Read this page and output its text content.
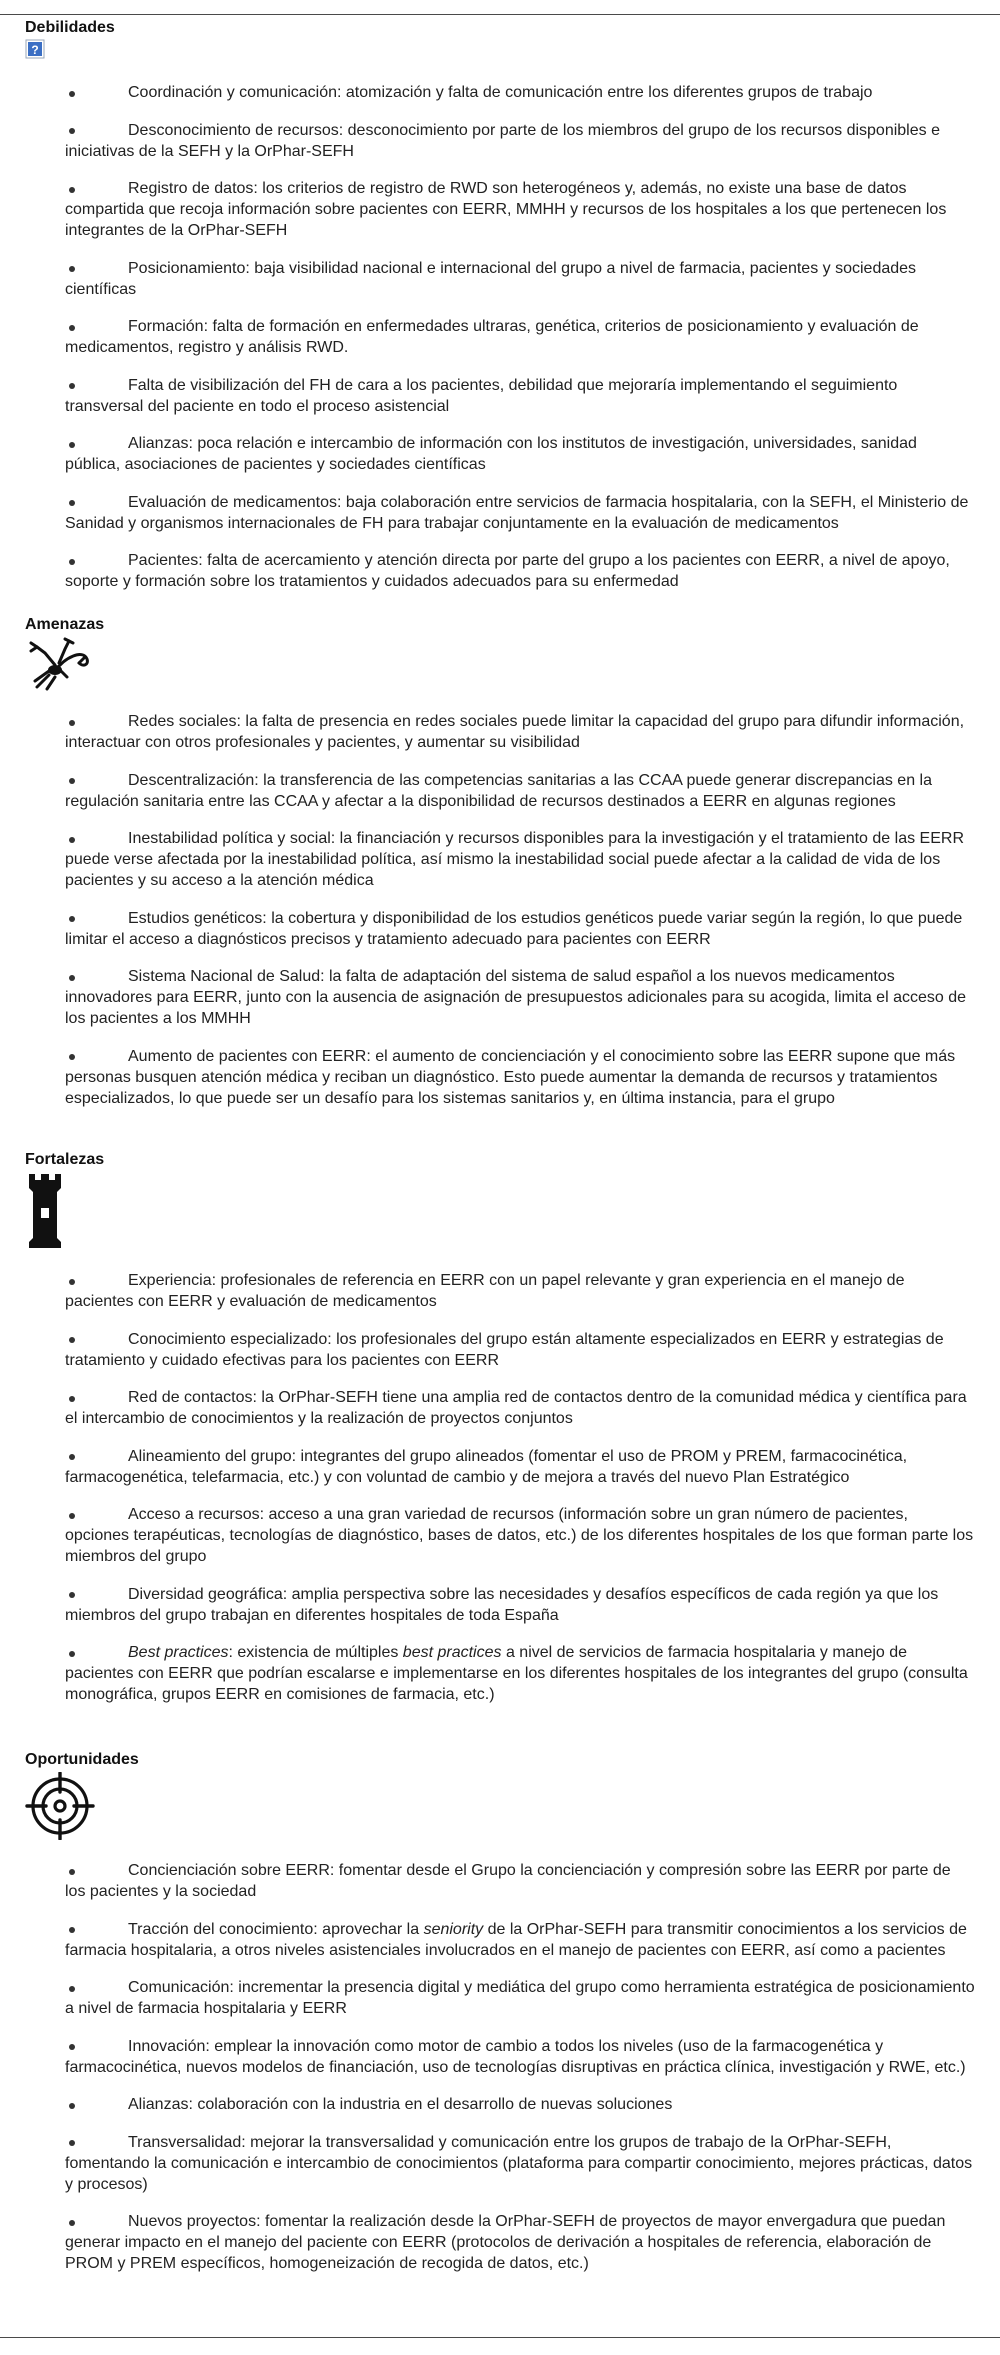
Debilidades
?
Coordinación y comunicación: atomización y falta de comunicación entre los diferentes grupos de trabajo
Desconocimiento de recursos: desconocimiento por parte de los miembros del grupo de los recursos disponibles e iniciativas de la SEFH y la OrPhar-SEFH
Registro de datos: los criterios de registro de RWD son heterogéneos y, además, no existe una base de datos compartida que recoja información sobre pacientes con EERR, MMHH y recursos de los hospitales a los que pertenecen los integrantes de la OrPhar-SEFH
Posicionamiento: baja visibilidad nacional e internacional del grupo a nivel de farmacia, pacientes y sociedades científicas
Formación: falta de formación en enfermedades ultraras, genética, criterios de posicionamiento y evaluación de medicamentos, registro y análisis RWD.
Falta de visibilización del FH de cara a los pacientes, debilidad que mejoraría implementando el seguimiento transversal del paciente en todo el proceso asistencial
Alianzas: poca relación e intercambio de información con los institutos de investigación, universidades, sanidad pública, asociaciones de pacientes y sociedades científicas
Evaluación de medicamentos: baja colaboración entre servicios de farmacia hospitalaria, con la SEFH, el Ministerio de Sanidad y organismos internacionales de FH para trabajar conjuntamente en la evaluación de medicamentos
Pacientes: falta de acercamiento y atención directa por parte del grupo a los pacientes con EERR, a nivel de apoyo, soporte y formación sobre los tratamientos y cuidados adecuados para su enfermedad
Amenazas
Redes sociales: la falta de presencia en redes sociales puede limitar la capacidad del grupo para difundir información, interactuar con otros profesionales y pacientes, y aumentar su visibilidad
Descentralización: la transferencia de las competencias sanitarias a las CCAA puede generar discrepancias en la regulación sanitaria entre las CCAA y afectar a la disponibilidad de recursos destinados a EERR en algunas regiones
Inestabilidad política y social: la financiación y recursos disponibles para la investigación y el tratamiento de las EERR puede verse afectada por la inestabilidad política, así mismo la inestabilidad social puede afectar a la calidad de vida de los pacientes y su acceso a la atención médica
Estudios genéticos: la cobertura y disponibilidad de los estudios genéticos puede variar según la región, lo que puede limitar el acceso a diagnósticos precisos y tratamiento adecuado para pacientes con EERR
Sistema Nacional de Salud: la falta de adaptación del sistema de salud español a los nuevos medicamentos innovadores para EERR, junto con la ausencia de asignación de presupuestos adicionales para su acogida, limita el acceso de los pacientes a los MMHH
Aumento de pacientes con EERR: el aumento de concienciación y el conocimiento sobre las EERR supone que más personas busquen atención médica y reciban un diagnóstico. Esto puede aumentar la demanda de recursos y tratamientos especializados, lo que puede ser un desafío para los sistemas sanitarios y, en última instancia, para el grupo
Fortalezas
Experiencia: profesionales de referencia en EERR con un papel relevante y gran experiencia en el manejo de pacientes con EERR y evaluación de medicamentos
Conocimiento especializado: los profesionales del grupo están altamente especializados en EERR y estrategias de tratamiento y cuidado efectivas para los pacientes con EERR
Red de contactos: la OrPhar-SEFH tiene una amplia red de contactos dentro de la comunidad médica y científica para el intercambio de conocimientos y la realización de proyectos conjuntos
Alineamiento del grupo: integrantes del grupo alineados (fomentar el uso de PROM y PREM, farmacocinética, farmacogenética, telefarmacia, etc.) y con voluntad de cambio y de mejora a través del nuevo Plan Estratégico
Acceso a recursos: acceso a una gran variedad de recursos (información sobre un gran número de pacientes, opciones terapéuticas, tecnologías de diagnóstico, bases de datos, etc.) de los diferentes hospitales de los que forman parte los miembros del grupo
Diversidad geográfica: amplia perspectiva sobre las necesidades y desafíos específicos de cada región ya que los miembros del grupo trabajan en diferentes hospitales de toda España
Best practices: existencia de múltiples best practices a nivel de servicios de farmacia hospitalaria y manejo de pacientes con EERR que podrían escalarse e implementarse en los diferentes hospitales de los integrantes del grupo (consulta monográfica, grupos EERR en comisiones de farmacia, etc.)
Oportunidades
Concienciación sobre EERR: fomentar desde el Grupo la concienciación y compresión sobre las EERR por parte de los pacientes y la sociedad
Tracción del conocimiento: aprovechar la seniority de la OrPhar-SEFH para transmitir conocimientos a los servicios de farmacia hospitalaria, a otros niveles asistenciales involucrados en el manejo de pacientes con EERR, así como a pacientes
Comunicación: incrementar la presencia digital y mediática del grupo como herramienta estratégica de posicionamiento a nivel de farmacia hospitalaria y EERR
Innovación: emplear la innovación como motor de cambio a todos los niveles (uso de la farmacogenética y farmacocinética, nuevos modelos de financiación, uso de tecnologías disruptivas en práctica clínica, investigación y RWE, etc.)
Alianzas: colaboración con la industria en el desarrollo de nuevas soluciones
Transversalidad: mejorar la transversalidad y comunicación entre los grupos de trabajo de la OrPhar-SEFH, fomentando la comunicación e intercambio de conocimientos (plataforma para compartir conocimiento, mejores prácticas, datos y procesos)
Nuevos proyectos: fomentar la realización desde la OrPhar-SEFH de proyectos de mayor envergadura que puedan generar impacto en el manejo del paciente con EERR (protocolos de derivación a hospitales de referencia, elaboración de PROM y PREM específicos, homogeneización de recogida de datos, etc.)
